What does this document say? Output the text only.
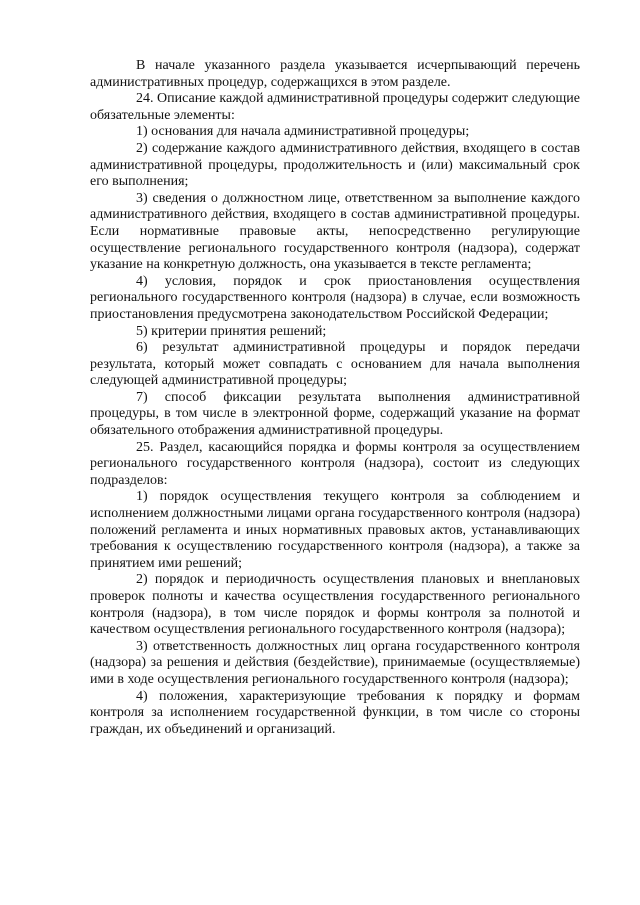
В начале указанного раздела указывается исчерпывающий перечень административных процедур, содержащихся в этом разделе.

24. Описание каждой административной процедуры содержит следующие обязательные элементы:

1) основания для начала административной процедуры;

2) содержание каждого административного действия, входящего в состав административной процедуры, продолжительность и (или) максимальный срок его выполнения;

3) сведения о должностном лице, ответственном за выполнение каждого административного действия, входящего в состав административной процедуры. Если нормативные правовые акты, непосредственно регулирующие осуществление регионального государственного контроля (надзора), содержат указание на конкретную должность, она указывается в тексте регламента;

4) условия, порядок и срок приостановления осуществления регионального государственного контроля (надзора) в случае, если возможность приостановления предусмотрена законодательством Российской Федерации;

5) критерии принятия решений;

6) результат административной процедуры и порядок передачи результата, который может совпадать с основанием для начала выполнения следующей административной процедуры;

7) способ фиксации результата выполнения административной процедуры, в том числе в электронной форме, содержащий указание на формат обязательного отображения административной процедуры.

25. Раздел, касающийся порядка и формы контроля за осуществлением регионального государственного контроля (надзора), состоит из следующих подразделов:

1) порядок осуществления текущего контроля за соблюдением и исполнением должностными лицами органа государственного контроля (надзора) положений регламента и иных нормативных правовых актов, устанавливающих требования к осуществлению государственного контроля (надзора), а также за принятием ими решений;

2) порядок и периодичность осуществления плановых и внеплановых проверок полноты и качества осуществления государственного регионального контроля (надзора), в том числе порядок и формы контроля за полнотой и качеством осуществления регионального государственного контроля (надзора);

3) ответственность должностных лиц органа государственного контроля (надзора) за решения и действия (бездействие), принимаемые (осуществляемые) ими в ходе осуществления регионального государственного контроля (надзора);

4) положения, характеризующие требования к порядку и формам контроля за исполнением государственной функции, в том числе со стороны граждан, их объединений и организаций.
